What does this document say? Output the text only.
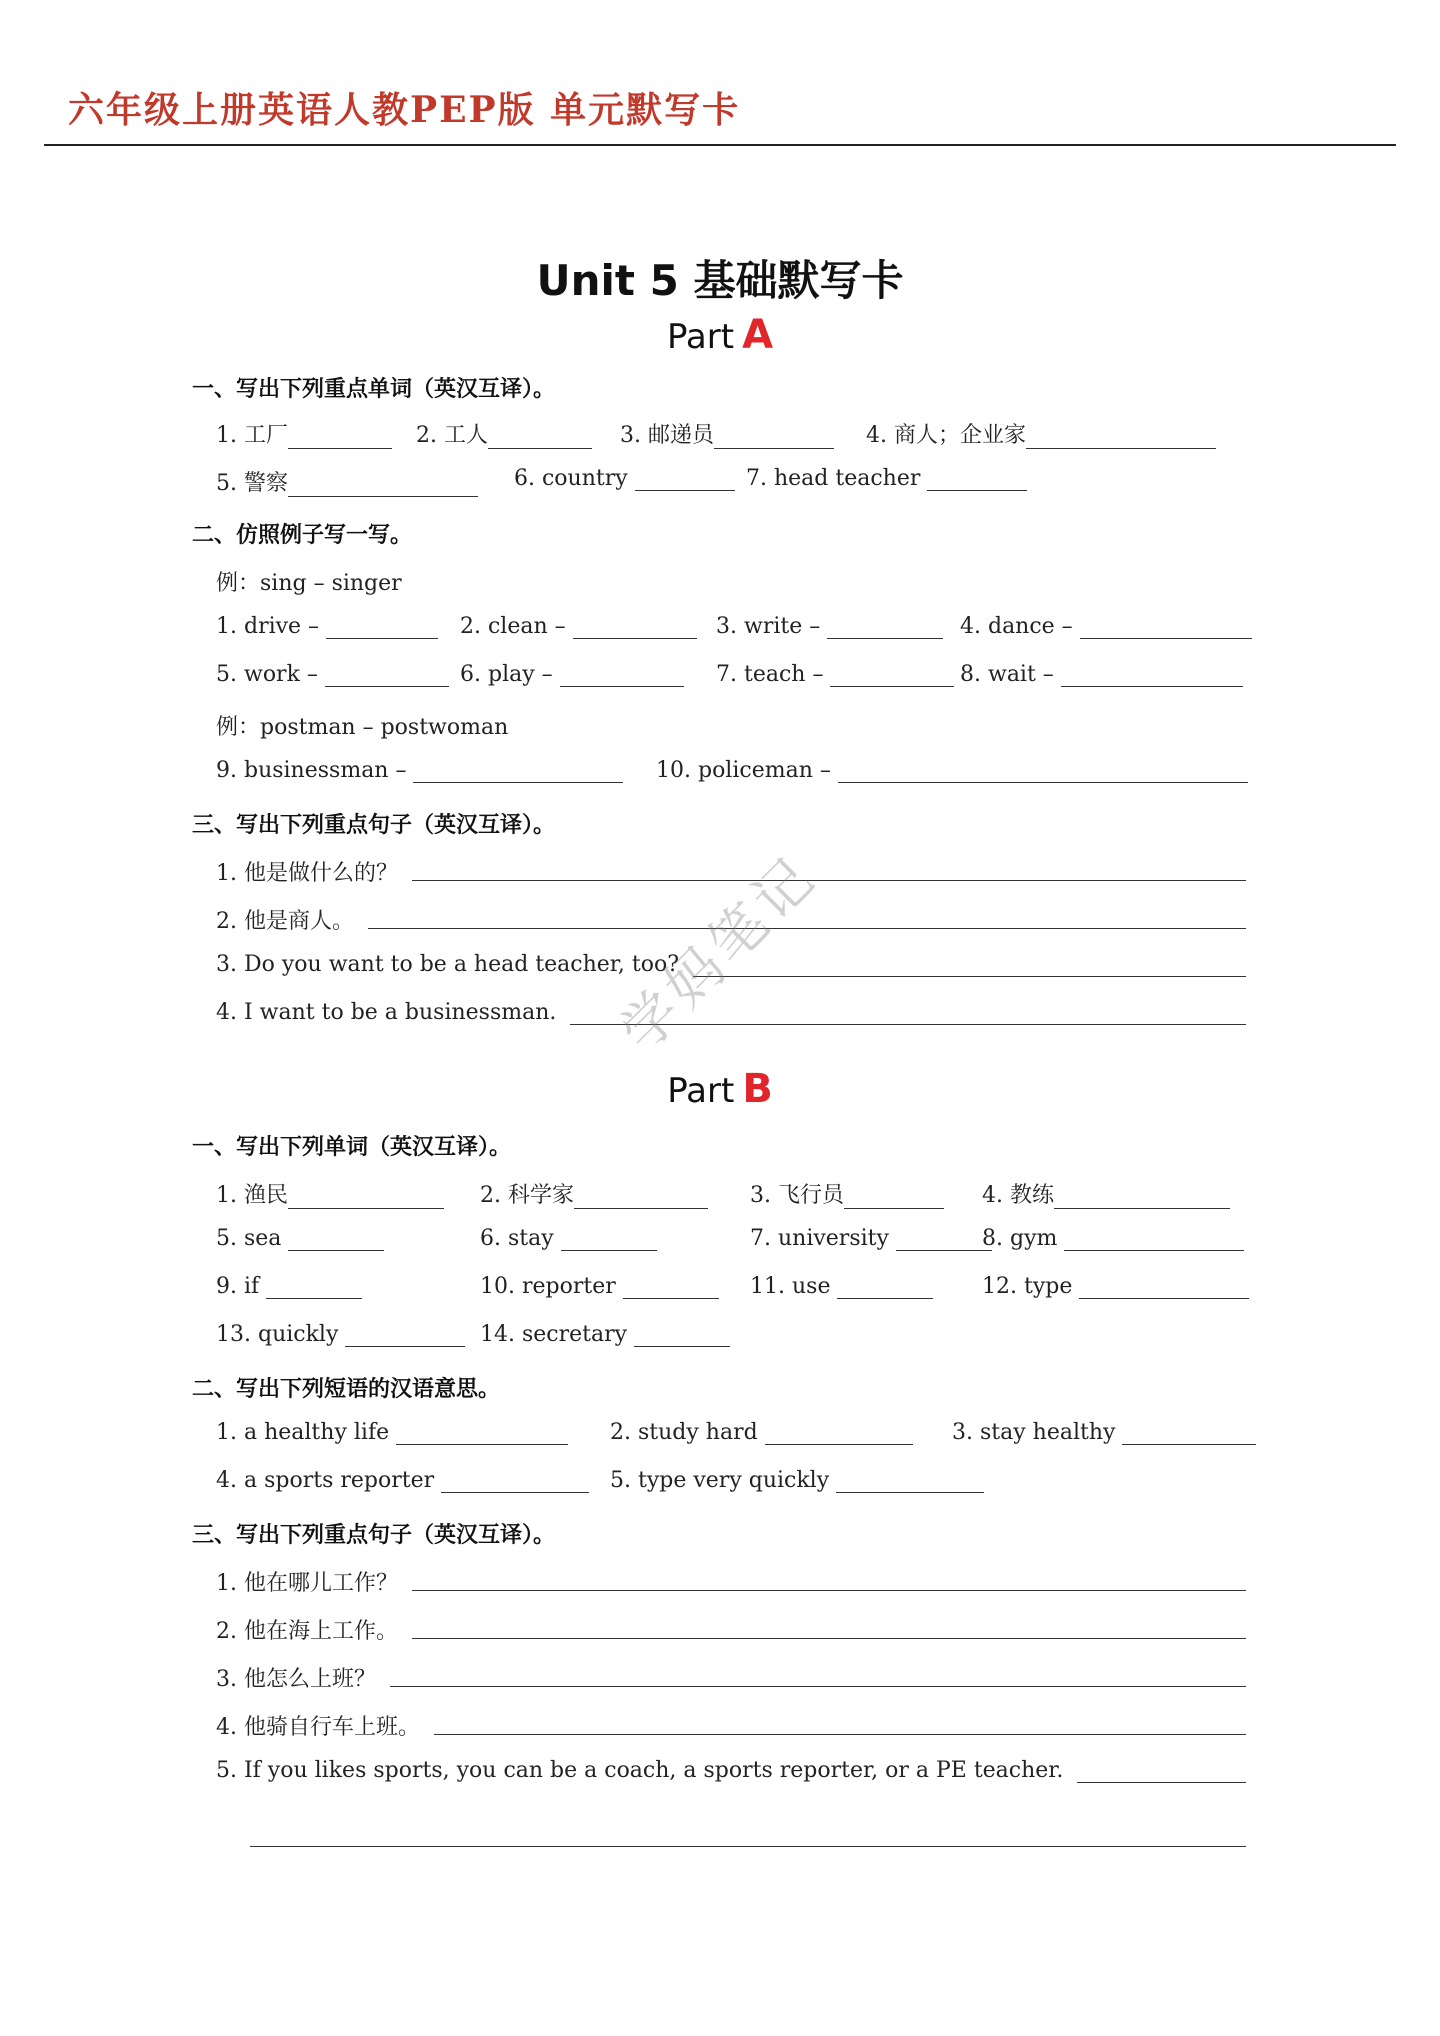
六年级上册英语人教PEP版 单元默写卡
Unit 5 基础默写卡
Part A
一、写出下列重点单词（英汉互译）。
1. 工厂	2. 工人	3. 邮递员	4. 商人；企业家
5. 警察	6. country	7. head teacher
二、仿照例子写一写。
例：sing – singer
1. drive –	2. clean –	3. write –	4. dance –
5. work –	6. play –	7. teach –	8. wait –
例：postman – postwoman
9. businessman –	10. policeman –
三、写出下列重点句子（英汉互译）。
1. 他是做什么的？
2. 他是商人。
3. Do you want to be a head teacher, too?
4. I want to be a businessman.
Part B
一、写出下列单词（英汉互译）。
1. 渔民	2. 科学家	3. 飞行员	4. 教练
5. sea	6. stay	7. university	8. gym
9. if	10. reporter	11. use	12. type
13. quickly	14. secretary
二、写出下列短语的汉语意思。
1. a healthy life	2. study hard	3. stay healthy
4. a sports reporter	5. type very quickly
三、写出下列重点句子（英汉互译）。
1. 他在哪儿工作？
2. 他在海上工作。
3. 他怎么上班？
4. 他骑自行车上班。
5. If you likes sports, you can be a coach, a sports reporter, or a PE teacher.
学妈笔记
